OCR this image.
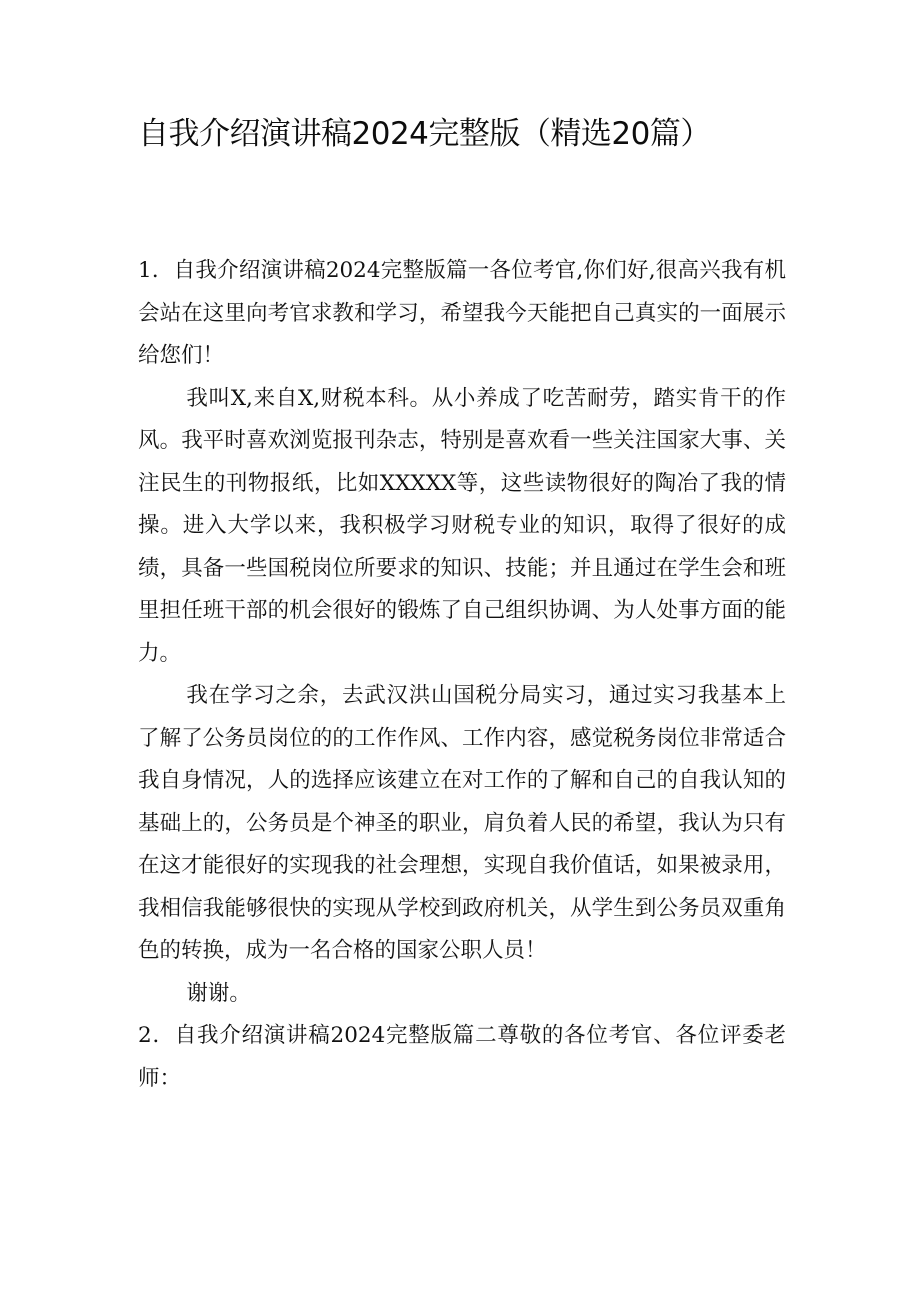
自我介绍演讲稿2024完整版（精选20篇）

1．自我介绍演讲稿2024完整版篇一各位考官,你们好,很高兴我有机会站在这里向考官求教和学习，希望我今天能把自己真实的一面展示给您们！

我叫X,来自X,财税本科。从小养成了吃苦耐劳，踏实肯干的作风。我平时喜欢浏览报刊杂志，特别是喜欢看一些关注国家大事、关注民生的刊物报纸，比如XXXXX等，这些读物很好的陶冶了我的情操。进入大学以来，我积极学习财税专业的知识，取得了很好的成绩，具备一些国税岗位所要求的知识、技能；并且通过在学生会和班里担任班干部的机会很好的锻炼了自己组织协调、为人处事方面的能力。

我在学习之余，去武汉洪山国税分局实习，通过实习我基本上了解了公务员岗位的的工作作风、工作内容，感觉税务岗位非常适合我自身情况，人的选择应该建立在对工作的了解和自己的自我认知的基础上的，公务员是个神圣的职业，肩负着人民的希望，我认为只有在这才能很好的实现我的社会理想，实现自我价值话，如果被录用，我相信我能够很快的实现从学校到政府机关，从学生到公务员双重角色的转换，成为一名合格的国家公职人员！

谢谢。

2．自我介绍演讲稿2024完整版篇二尊敬的各位考官、各位评委老师：
